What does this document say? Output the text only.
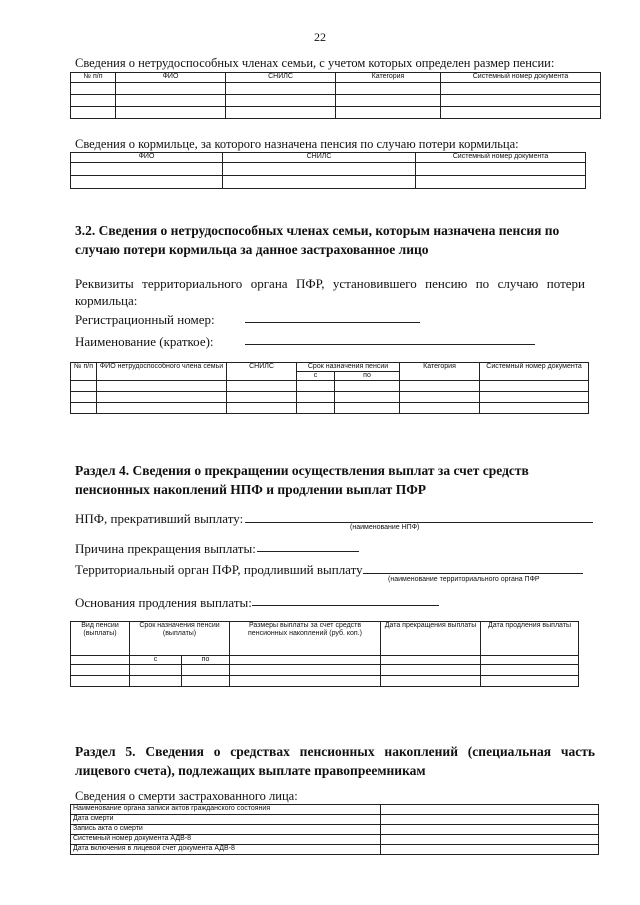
22
Сведения о нетрудоспособных членах семьи, с учетом которых определен размер пенсии:
№ п/п	ФИО	СНИЛС	Категория	Системный номер документа

Сведения о кормильце, за которого назначена пенсия по случаю потери кормильца:
ФИО	СНИЛС	Системный номер документа

3.2. Сведения о нетрудоспособных членах семьи, которым назначена пенсия по случаю потери кормильца за данное застрахованное лицо
Реквизиты территориального органа ПФР, установившего пенсию по случаю потери кормильца:
Регистрационный номер:
Наименование (краткое):
№ п/п	ФИО нетрудоспособного члена семьи	СНИЛС	Срок назначения пенсии		Категория	Системный номер документа
			с	по		

Раздел 4. Сведения о прекращении осуществления выплат за счет средств пенсионных накоплений НПФ и продлении выплат ПФР
НПФ, прекративший выплату:
(наименование НПФ)
Причина прекращения выплаты:
Территориальный орган ПФР, продливший выплату
(наименование территориального органа ПФР
Основания продления выплаты:
Вид пенсии (выплаты)	Срок назначения пенсии (выплаты)		Размеры выплаты за счет средств пенсионных накоплений (руб. коп.)	Дата прекращения выплаты	Дата продления выплаты
	с	по			

Раздел 5. Сведения о средствах пенсионных накоплений (специальная часть лицевого счета), подлежащих выплате правопреемникам
Сведения о смерти застрахованного лица:
Наименование органа записи актов гражданского состояния	
Дата смерти	
Запись акта о смерти	
Системный номер документа АДВ-8	
Дата включения в лицевой счет документа АДВ-8	
